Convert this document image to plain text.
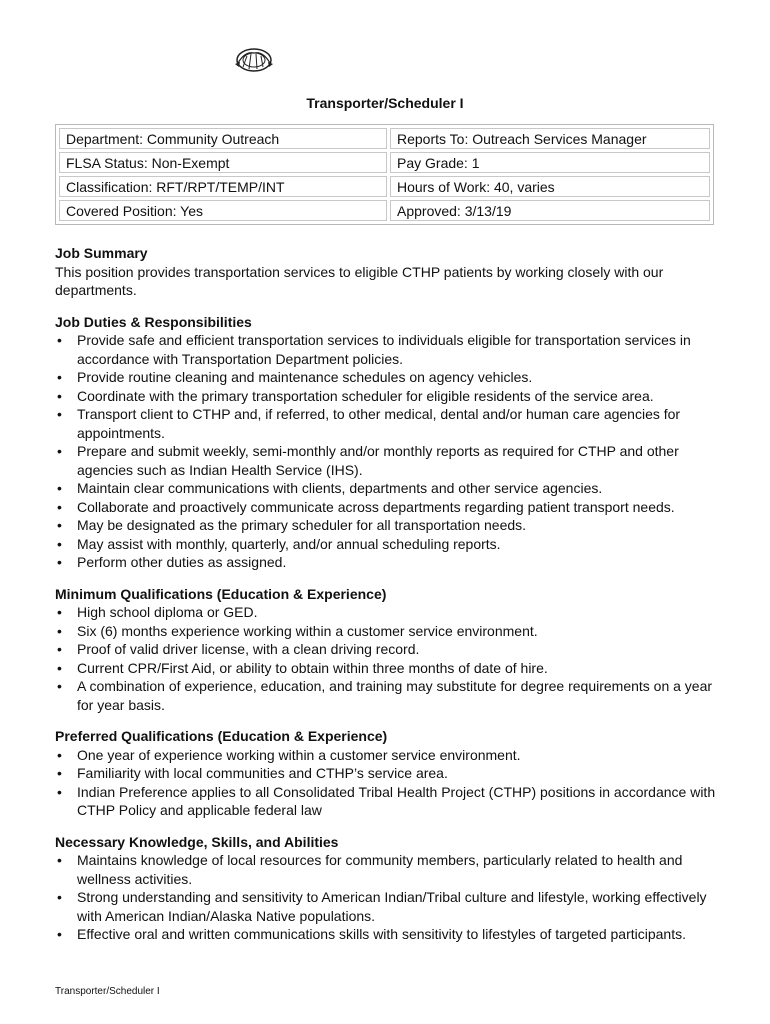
Transporter/Scheduler I
Department: Community Outreach	Reports To: Outreach Services Manager
FLSA Status: Non-Exempt	Pay Grade: 1
Classification: RFT/RPT/TEMP/INT	Hours of Work: 40, varies
Covered Position: Yes	Approved: 3/13/19
Job Summary

This position provides transportation services to eligible CTHP patients by working closely with our departments.

Job Duties & Responsibilities
• Provide safe and efficient transportation services to individuals eligible for transportation services in accordance with Transportation Department policies.
• Provide routine cleaning and maintenance schedules on agency vehicles.
• Coordinate with the primary transportation scheduler for eligible residents of the service area.
• Transport client to CTHP and, if referred, to other medical, dental and/or human care agencies for appointments.
• Prepare and submit weekly, semi-monthly and/or monthly reports as required for CTHP and other agencies such as Indian Health Service (IHS).
• Maintain clear communications with clients, departments and other service agencies.
• Collaborate and proactively communicate across departments regarding patient transport needs.
• May be designated as the primary scheduler for all transportation needs.
• May assist with monthly, quarterly, and/or annual scheduling reports.
• Perform other duties as assigned.
Minimum Qualifications (Education & Experience)
• High school diploma or GED.
• Six (6) months experience working within a customer service environment.
• Proof of valid driver license, with a clean driving record.
• Current CPR/First Aid, or ability to obtain within three months of date of hire.
• A combination of experience, education, and training may substitute for degree requirements on a year for year basis.
Preferred Qualifications (Education & Experience)
• One year of experience working within a customer service environment.
• Familiarity with local communities and CTHP’s service area.
• Indian Preference applies to all Consolidated Tribal Health Project (CTHP) positions in accordance with CTHP Policy and applicable federal law
Necessary Knowledge, Skills, and Abilities
• Maintains knowledge of local resources for community members, particularly related to health and wellness activities.
• Strong understanding and sensitivity to American Indian/Tribal culture and lifestyle, working effectively with American Indian/Alaska Native populations.
• Effective oral and written communications skills with sensitivity to lifestyles of targeted participants.
Transporter/Scheduler I
